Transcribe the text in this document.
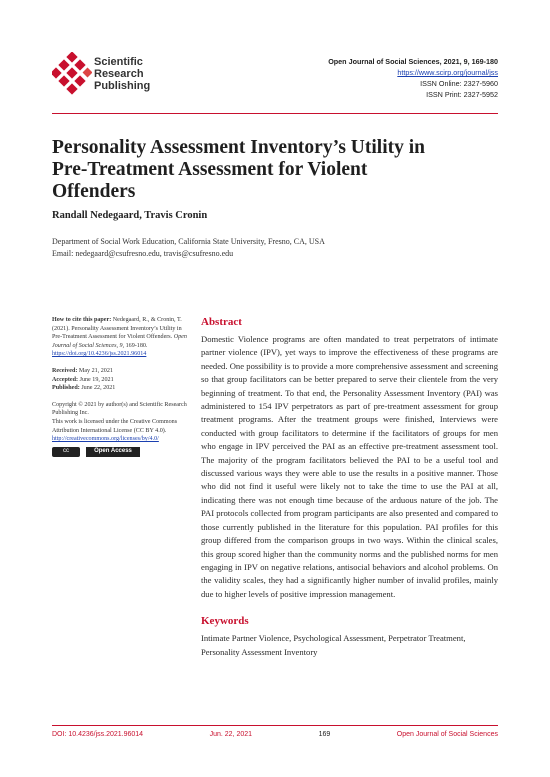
Scientific
Research
Publishing
Open Journal of Social Sciences, 2021, 9, 169-180
https://www.scirp.org/journal/jss
ISSN Online: 2327-5960
ISSN Print: 2327-5952
Personality Assessment Inventory’s Utility in
Pre-Treatment Assessment for Violent
Offenders
Randall Nedegaard, Travis Cronin
Department of Social Work Education, California State University, Fresno, CA, USA
Email: nedegaard@csufresno.edu, travis@csufresno.edu
How to cite this paper: Nedegaard, R., & Cronin, T. (2021). Personality Assessment Inventory’s Utility in Pre-Treatment Assessment for Violent Offenders. Open Journal of Social Sciences, 9, 169-180.
https://doi.org/10.4236/jss.2021.96014

Received: May 21, 2021

Accepted: June 19, 2021

Published: June 22, 2021

Copyright © 2021 by author(s) and Scientific Research Publishing Inc.

This work is licensed under the Creative Commons Attribution International License (CC BY 4.0).

http://creativecommons.org/licenses/by/4.0/

cc	Open Access
Abstract

Domestic Violence programs are often mandated to treat perpetrators of intimate partner violence (IPV), yet ways to improve the effectiveness of these programs are needed. One possibility is to provide a more comprehensive assessment and screening so that group facilitators can be better prepared to serve their clientele from the very beginning of treatment. To that end, the Personality Assessment Inventory (PAI) was administered to 154 IPV perpetrators as part of pre-treatment assessment for group treatment programs. After the treatment groups were finished, Interviews were conducted with group facilitators to determine if the facilitators of groups for men who engage in IPV perceived the PAI as an effective pre-treatment assessment tool. The majority of the program facilitators believed the PAI to be a useful tool and discussed various ways they were able to use the results in a positive manner. Those who did not find it useful were likely not to take the time to use the PAI at all, indicating there was not enough time because of the arduous nature of the job. The PAI protocols collected from program participants are also presented and compared to those currently published in the literature for this population. PAI profiles for this group differed from the comparison groups in two ways. Within the clinical scales, this group scored higher than the community norms and the published norms for men engaging in IPV on negative relations, antisocial behaviors and alcohol problems. On the validity scales, they had a significantly higher number of invalid profiles, mainly due to higher levels of positive impression management.

Keywords

Intimate Partner Violence, Psychological Assessment, Perpetrator Treatment, Personality Assessment Inventory

DOI: 10.4236/jss.2021.96014	Jun. 22, 2021	169	Open Journal of Social Sciences
